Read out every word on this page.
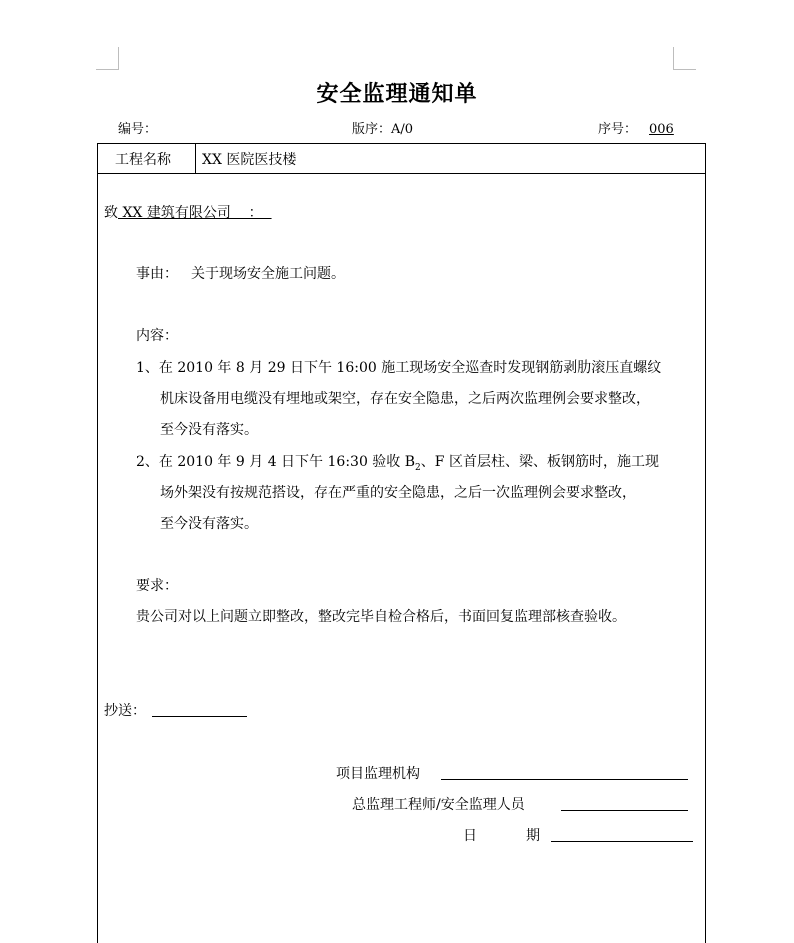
安全监理通知单
编号：	版序：A/0	序号： 006
工程名称 XX 医院医技楼
致 XX 建筑有限公司    ：
事由： 关于现场安全施工问题。
内容：
1、在 2010 年 8 月 29 日下午 16:00 施工现场安全巡查时发现钢筋剥肋滚压直螺纹
机床设备用电缆没有埋地或架空，存在安全隐患，之后两次监理例会要求整改，
至今没有落实。
2、在 2010 年 9 月 4 日下午 16:30 验收 $B_2$、F 区首层柱、梁、板钢筋时，施工现
场外架没有按规范搭设，存在严重的安全隐患，之后一次监理例会要求整改，
至今没有落实。
要求：
贵公司对以上问题立即整改，整改完毕自检合格后，书面回复监理部核查验收。
抄送：
项目监理机构
总监理工程师/安全监理人员
日	期
